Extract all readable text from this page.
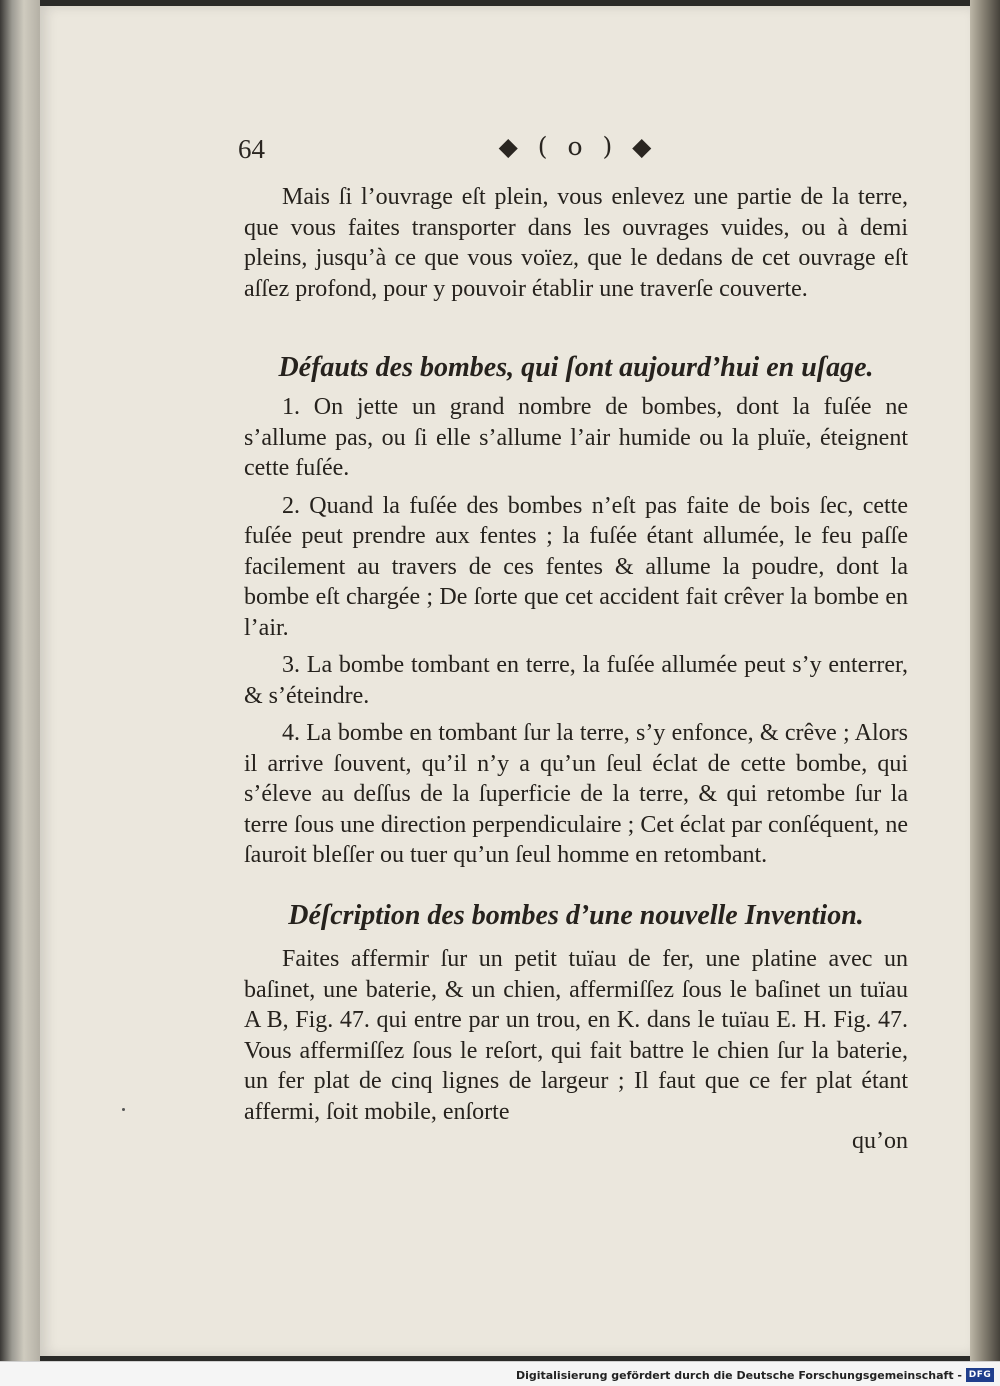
64	◆ ( o ) ◆

Mais ſi l’ouvrage eſt plein, vous enlevez une partie de la terre, que vous faites transporter dans les ouvrages vuides, ou à demi pleins, jusqu’à ce que vous voïez, que le dedans de cet ouvrage eſt aſſez profond, pour y pouvoir établir une traverſe couverte.

Défauts des bombes, qui ſont aujourd’hui en uſage.

1. On jette un grand nombre de bombes, dont la fuſée ne s’allume pas, ou ſi elle s’allume l’air humide ou la pluïe, éteignent cette fuſée.

2. Quand la fuſée des bombes n’eſt pas faite de bois ſec, cette fuſée peut prendre aux fentes ; la fuſée étant allumée, le feu paſſe facilement au travers de ces fentes & allume la poudre, dont la bombe eſt chargée ; De ſorte que cet accident fait crêver la bombe en l’air.

3. La bombe tombant en terre, la fuſée allumée peut s’y enterrer, & s’éteindre.

4. La bombe en tombant ſur la terre, s’y enfonce, & crêve ; Alors il arrive ſouvent, qu’il n’y a qu’un ſeul éclat de cette bombe, qui s’éleve au deſſus de la ſuperficie de la terre, & qui retombe ſur la terre ſous une direction perpendiculaire ; Cet éclat par conſéquent, ne ſauroit bleſſer ou tuer qu’un ſeul homme en retombant.

Déſcription des bombes d’une nouvelle Invention.

Faites affermir ſur un petit tuïau de fer, une platine avec un baſinet, une baterie, & un chien, affermiſſez ſous le baſinet un tuïau A B, Fig. 47. qui entre par un trou, en K. dans le tuïau E. H. Fig. 47. Vous affermiſſez ſous le reſort, qui fait battre le chien ſur la baterie, un fer plat de cinq lignes de largeur ; Il faut que ce fer plat étant affermi, ſoit mobile, enſorte

qu’on
Digitalisierung gefördert durch die Deutsche Forschungsgemeinschaft - DFG
